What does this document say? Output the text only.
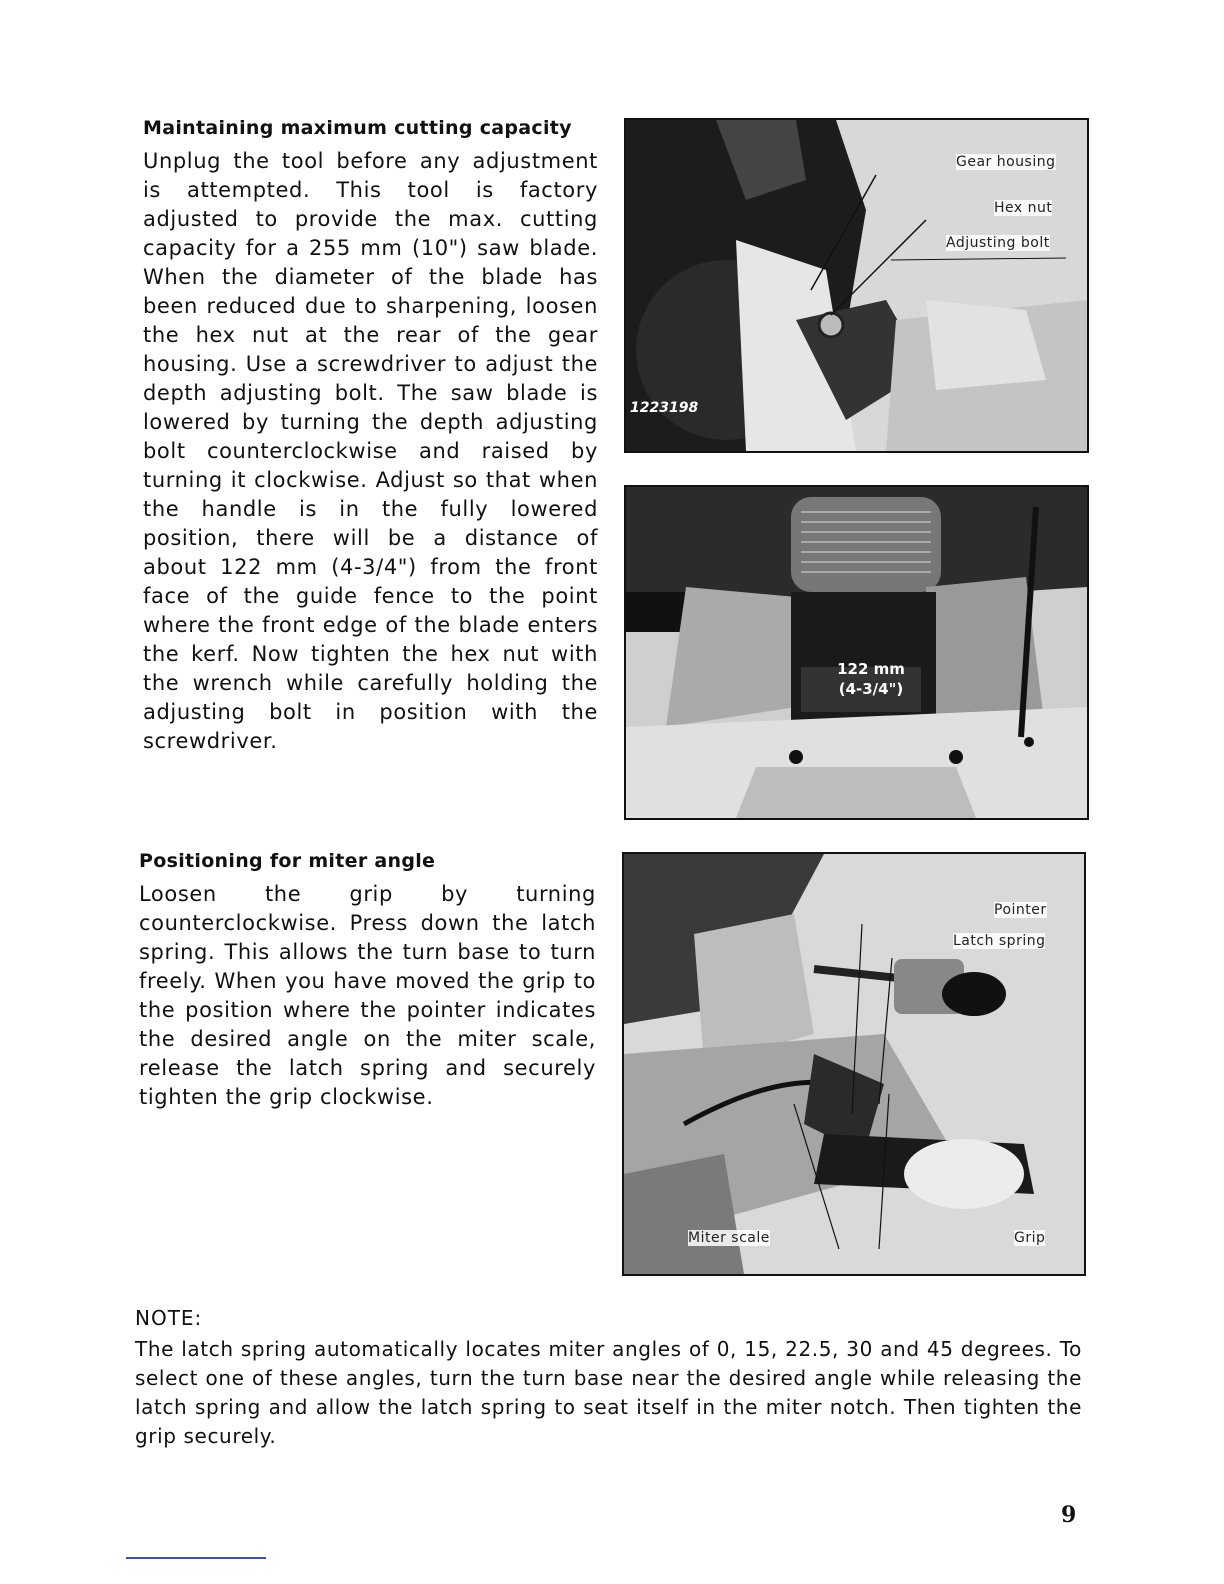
Maintaining maximum cutting capacity
Unplug the tool before any adjustment is attempted. This tool is factory adjusted to provide the max. cutting capacity for a 255 mm (10") saw blade. When the diameter of the blade has been reduced due to sharpening, loosen the hex nut at the rear of the gear housing. Use a screwdriver to adjust the depth adjusting bolt. The saw blade is lowered by turning the depth adjusting bolt counterclockwise and raised by turning it clockwise. Adjust so that when the handle is in the fully lowered position, there will be a distance of about 122 mm (4-3/4") from the front face of the guide fence to the point where the front edge of the blade enters the kerf. Now tighten the hex nut with the wrench while carefully holding the adjusting bolt in position with the screwdriver.
Gear housing
Hex nut
Adjusting bolt
1223198
122 mm
(4-3/4")
Positioning for miter angle
Loosen the grip by turning counterclockwise. Press down the latch spring. This allows the turn base to turn freely. When you have moved the grip to the position where the pointer indicates the desired angle on the miter scale, release the latch spring and securely tighten the grip clockwise.
Pointer
Latch spring
Miter scale	Grip
NOTE:
The latch spring automatically locates miter angles of 0, 15, 22.5, 30 and 45 degrees. To select one of these angles, turn the turn base near the desired angle while releasing the latch spring and allow the latch spring to seat itself in the miter notch. Then tighten the grip securely.
9
